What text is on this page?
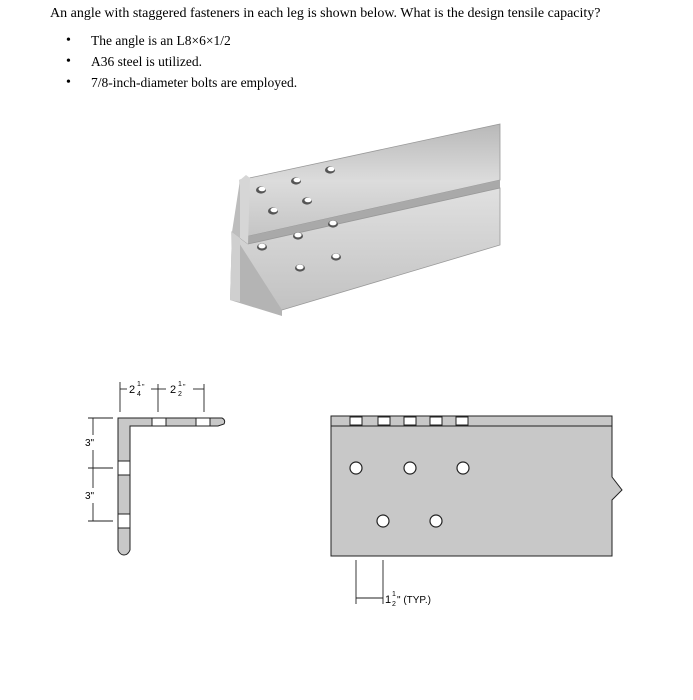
An angle with staggered fasteners in each leg is shown below. What is the design tensile capacity?
• The angle is an L8×6×1/2
• A36 steel is utilized.
• 7/8-inch-diameter bolts are employed.
2 1
4
" 2 1
2
"
3"
3"
1 1
2 " (TYP.)
